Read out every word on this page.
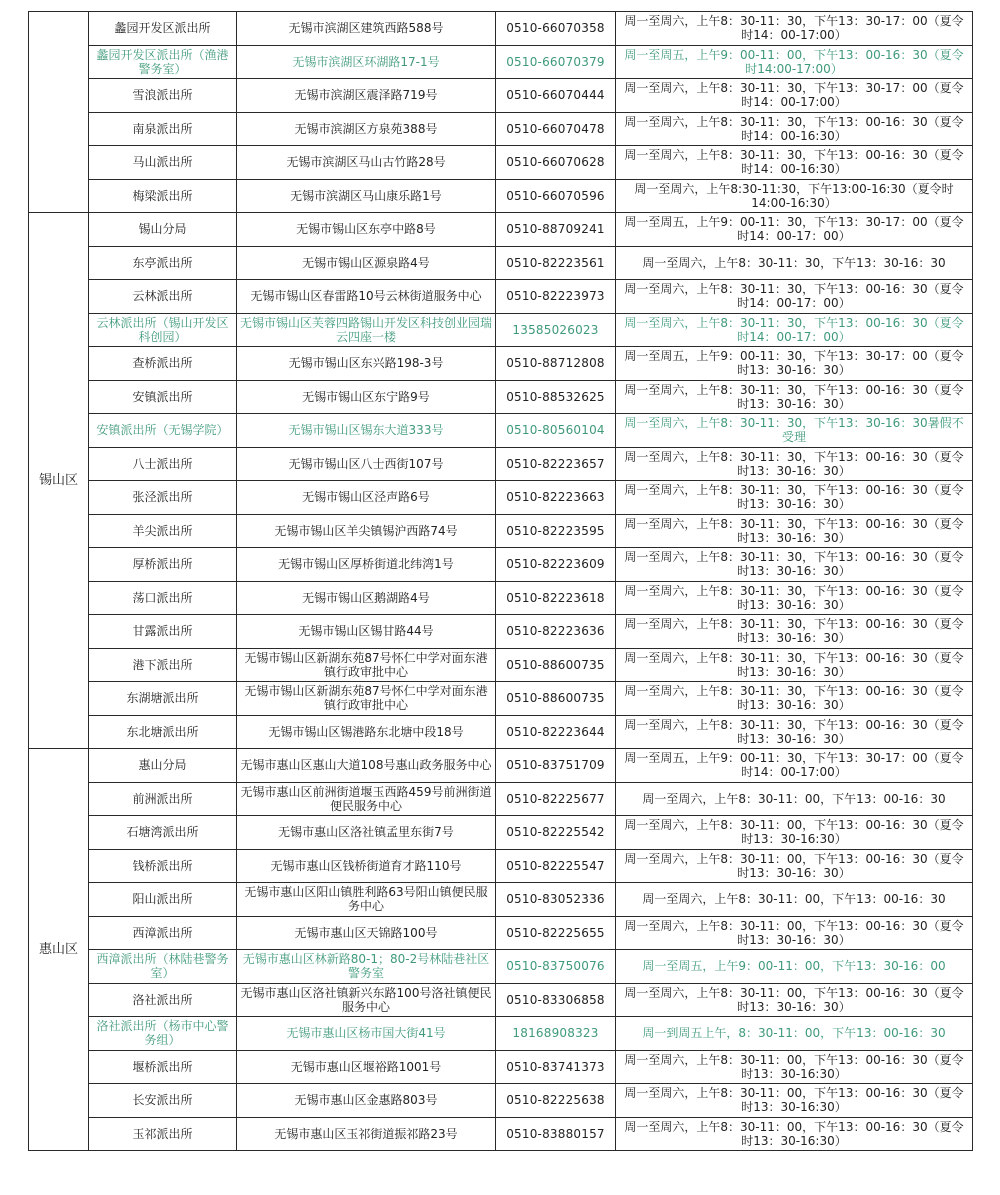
	蠡园开发区派出所	无锡市滨湖区建筑西路588号	0510-66070358	周一至周六，上午8：30-11：30，下午13：30-17：00（夏令时14：00-17:00）
	蠡园开发区派出所（渔港警务室）	无锡市滨湖区环湖路17-1号	0510-66070379	周一至周五，上午9：00-11：00，下午13：00-16：30（夏令时14:00-17:00）
	雪浪派出所	无锡市滨湖区震泽路719号	0510-66070444	周一至周六，上午8：30-11：30，下午13：30-17：00（夏令时14：00-17:00）
	南泉派出所	无锡市滨湖区方泉苑388号	0510-66070478	周一至周六，上午8：30-11：30，下午13：00-16：30（夏令时14：00-16:30）
	马山派出所	无锡市滨湖区马山古竹路28号	0510-66070628	周一至周六，上午8：30-11：30，下午13：00-16：30（夏令时14：00-16:30）
	梅梁派出所	无锡市滨湖区马山康乐路1号	0510-66070596	周一至周六，上午8:30-11:30，下午13:00-16:30（夏令时14:00-16:30）
锡山区	锡山分局	无锡市锡山区东亭中路8号	0510-88709241	周一至周五，上午9：00-11：30，下午13：30-17：00（夏令时14：00-17：00）
	东亭派出所	无锡市锡山区源泉路4号	0510-82223561	周一至周六，上午8：30-11：30，下午13：30-16：30
	云林派出所	无锡市锡山区春雷路10号云林街道服务中心	0510-82223973	周一至周六，上午8：30-11：30，下午13：00-16：30（夏令时14：00-17：00）
	云林派出所（锡山开发区科创园）	无锡市锡山区芙蓉四路锡山开发区科技创业园瑞云四座一楼	13585026023	周一至周六，上午8：30-11：30，下午13：00-16：30（夏令时14：00-17：00）
	查桥派出所	无锡市锡山区东兴路198-3号	0510-88712808	周一至周五，上午9：00-11：30，下午13：30-17：00（夏令时13：30-16：30）
	安镇派出所	无锡市锡山区东宁路9号	0510-88532625	周一至周六，上午8：30-11：30，下午13：00-16：30（夏令时13：30-16：30）
	安镇派出所（无锡学院）	无锡市锡山区锡东大道333号	0510-80560104	周一至周六，上午8：30-11：30，下午13：30-16：30暑假不受理
	八士派出所	无锡市锡山区八士西街107号	0510-82223657	周一至周六，上午8：30-11：30，下午13：00-16：30（夏令时13：30-16：30）
	张泾派出所	无锡市锡山区泾声路6号	0510-82223663	周一至周六，上午8：30-11：30，下午13：00-16：30（夏令时13：30-16：30）
	羊尖派出所	无锡市锡山区羊尖镇锡沪西路74号	0510-82223595	周一至周六，上午8：30-11：30，下午13：00-16：30（夏令时13：30-16：30）
	厚桥派出所	无锡市锡山区厚桥街道北纬湾1号	0510-82223609	周一至周六，上午8：30-11：30，下午13：00-16：30（夏令时13：30-16：30）
	荡口派出所	无锡市锡山区鹅湖路4号	0510-82223618	周一至周六，上午8：30-11：30，下午13：00-16：30（夏令时13：30-16：30）
	甘露派出所	无锡市锡山区锡甘路44号	0510-82223636	周一至周六，上午8：30-11：30，下午13：00-16：30（夏令时13：30-16：30）
	港下派出所	无锡市锡山区新湖东苑87号怀仁中学对面东港镇行政审批中心	0510-88600735	周一至周六，上午8：30-11：30，下午13：00-16：30（夏令时13：30-16：30）
	东湖塘派出所	无锡市锡山区新湖东苑87号怀仁中学对面东港镇行政审批中心	0510-88600735	周一至周六，上午8：30-11：30，下午13：00-16：30（夏令时13：30-16：30）
	东北塘派出所	无锡市锡山区锡港路东北塘中段18号	0510-82223644	周一至周六，上午8：30-11：30，下午13：00-16：30（夏令时13：30-16：30）
惠山区	惠山分局	无锡市惠山区惠山大道108号惠山政务服务中心	0510-83751709	周一至周五，上午9：00-11：30，下午13：30-17：00（夏令时14：00-17:00）
	前洲派出所	无锡市惠山区前洲街道堰玉西路459号前洲街道便民服务中心	0510-82225677	周一至周六，上午8：30-11：00，下午13：00-16：30
	石塘湾派出所	无锡市惠山区洛社镇孟里东街7号	0510-82225542	周一至周六，上午8：30-11：00，下午13：00-16：30（夏令时13：30-16:30）
	钱桥派出所	无锡市惠山区钱桥街道育才路110号	0510-82225547	周一至周六，上午8：30-11：00，下午13：00-16：30（夏令时13：30-16：30）
	阳山派出所	无锡市惠山区阳山镇胜利路63号阳山镇便民服务中心	0510-83052336	周一至周六，上午8：30-11：00，下午13：00-16：30
	西漳派出所	无锡市惠山区天锦路100号	0510-82225655	周一至周六，上午8：30-11：00，下午13：00-16：30（夏令时13：30-16：30）
	西漳派出所（林陆巷警务室）	无锡市惠山区林新路80-1；80-2号林陆巷社区警务室	0510-83750076	周一至周五，上午9：00-11：00，下午13：30-16：00
	洛社派出所	无锡市惠山区洛社镇新兴东路100号洛社镇便民服务中心	0510-83306858	周一至周六，上午8：30-11：00，下午13：00-16：30（夏令时13：30-16：30）
	洛社派出所（杨市中心警务组）	无锡市惠山区杨市国大街41号	18168908323	周一到周五上午，8：30-11：00，下午13：00-16：30
	堰桥派出所	无锡市惠山区堰裕路1001号	0510-83741373	周一至周六，上午8：30-11：00，下午13：00-16：30（夏令时13：30-16:30）
	长安派出所	无锡市惠山区金惠路803号	0510-82225638	周一至周六，上午8：30-11：00，下午13：00-16：30（夏令时13：30-16:30）
	玉祁派出所	无锡市惠山区玉祁街道振祁路23号	0510-83880157	周一至周六，上午8：30-11：00，下午13：00-16：30（夏令时13：30-16:30）
